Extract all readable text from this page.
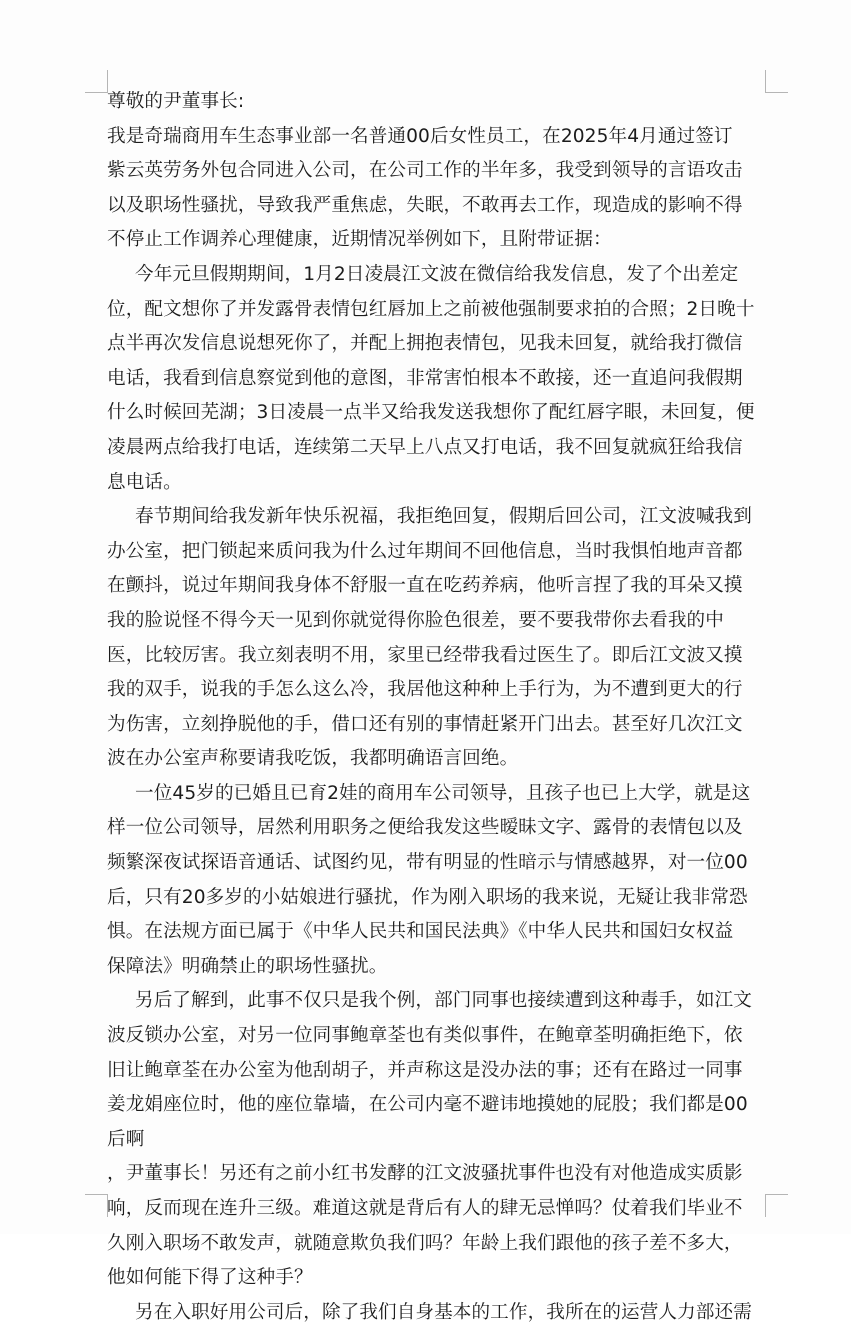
尊敬的尹董事长:
我是奇瑞商用车生态事业部一名普通00后女性员工，在2025年4月通过签订
紫云英劳务外包合同进入公司，在公司工作的半年多，我受到领导的言语攻击
以及职场性骚扰，导致我严重焦虑，失眠，不敢再去工作，现造成的影响不得
不停止工作调养心理健康，近期情况举例如下，且附带证据：
今年元旦假期期间，1月2日凌晨江文波在微信给我发信息，发了个出差定
位，配文想你了并发露骨表情包红唇加上之前被他强制要求拍的合照；2日晚十
点半再次发信息说想死你了，并配上拥抱表情包，见我未回复，就给我打微信
电话，我看到信息察觉到他的意图，非常害怕根本不敢接，还一直追问我假期
什么时候回芜湖；3日凌晨一点半又给我发送我想你了配红唇字眼，未回复，便
凌晨两点给我打电话，连续第二天早上八点又打电话，我不回复就疯狂给我信
息电话。
春节期间给我发新年快乐祝福，我拒绝回复，假期后回公司，江文波喊我到
办公室，把门锁起来质问我为什么过年期间不回他信息，当时我惧怕地声音都
在颤抖，说过年期间我身体不舒服一直在吃药养病，他听言捏了我的耳朵又摸
我的脸说怪不得今天一见到你就觉得你脸色很差，要不要我带你去看我的中
医，比较厉害。我立刻表明不用，家里已经带我看过医生了。即后江文波又摸
我的双手，说我的手怎么这么冷，我居他这种种上手行为，为不遭到更大的行
为伤害，立刻挣脱他的手，借口还有别的事情赶紧开门出去。甚至好几次江文
波在办公室声称要请我吃饭，我都明确语言回绝。
一位45岁的已婚且已育2娃的商用车公司领导，且孩子也已上大学，就是这
样一位公司领导，居然利用职务之便给我发这些暧昧文字、露骨的表情包以及
频繁深夜试探语音通话、试图约见，带有明显的性暗示与情感越界，对一位00
后，只有20多岁的小姑娘进行骚扰，作为刚入职场的我来说，无疑让我非常恐
惧。在法规方面已属于《中华人民共和国民法典》《中华人民共和国妇女权益
保障法》明确禁止的职场性骚扰。
另后了解到，此事不仅只是我个例，部门同事也接续遭到这种毒手，如江文
波反锁办公室，对另一位同事鲍章荃也有类似事件，在鲍章荃明确拒绝下，依
旧让鲍章荃在办公室为他刮胡子，并声称这是没办法的事；还有在路过一同事
姜龙娟座位时，他的座位靠墙，在公司内毫不避讳地摸她的屁股；我们都是00
后啊
，尹董事长！另还有之前小红书发酵的江文波骚扰事件也没有对他造成实质影
响，反而现在连升三级。难道这就是背后有人的肆无忌惮吗？仗着我们毕业不
久刚入职场不敢发声，就随意欺负我们吗？年龄上我们跟他的孩子差不多大，
他如何能下得了这种手？
另在入职好用公司后，除了我们自身基本的工作，我所在的运营人力部还需
